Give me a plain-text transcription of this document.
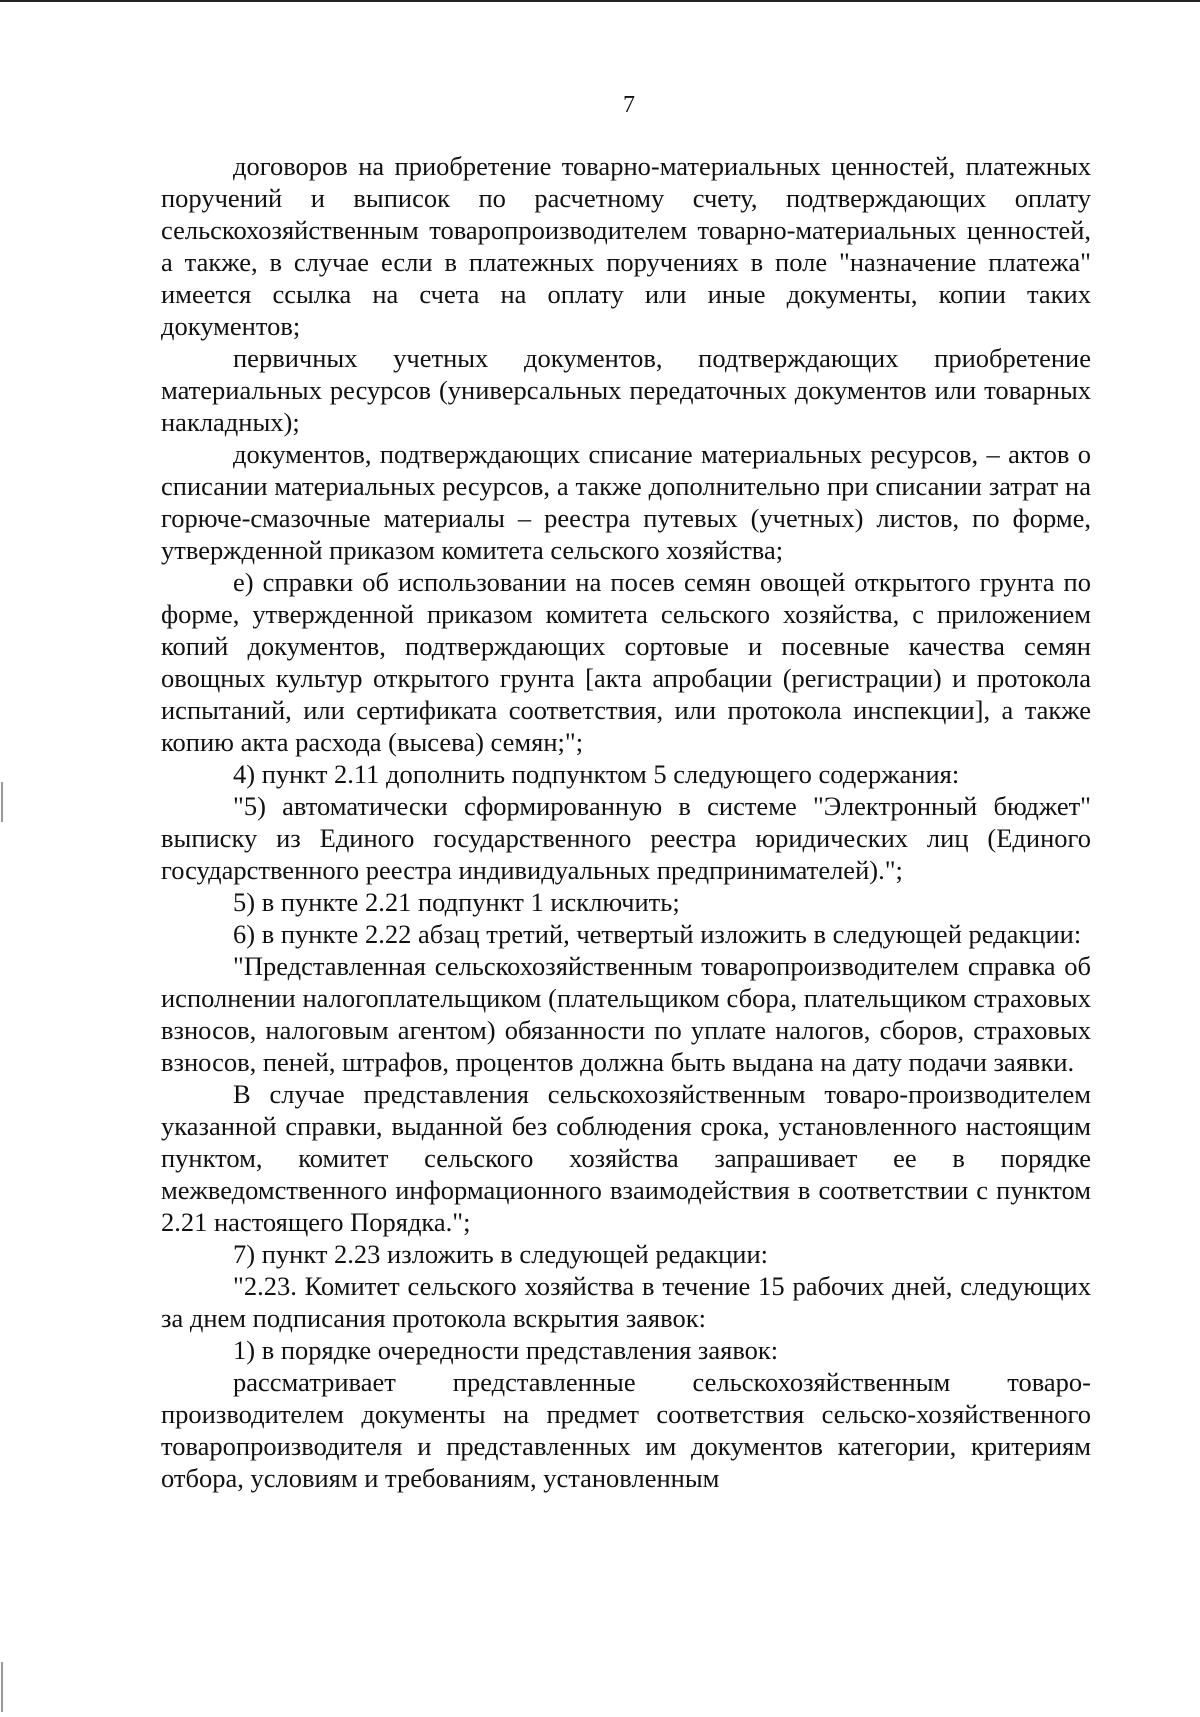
7

договоров на приобретение товарно-материальных ценностей, платежных поручений и выписок по расчетному счету, подтверждающих оплату сельскохозяйственным товаропроизводителем товарно-материальных ценностей, а также, в случае если в платежных поручениях в поле "назначение платежа" имеется ссылка на счета на оплату или иные документы, копии таких документов;

первичных учетных документов, подтверждающих приобретение материальных ресурсов (универсальных передаточных документов или товарных накладных);

документов, подтверждающих списание материальных ресурсов, – актов о списании материальных ресурсов, а также дополнительно при списании затрат на горюче-смазочные материалы – реестра путевых (учетных) листов, по форме, утвержденной приказом комитета сельского хозяйства;

е) справки об использовании на посев семян овощей открытого грунта по форме, утвержденной приказом комитета сельского хозяйства, с приложением копий документов, подтверждающих сортовые и посевные качества семян овощных культур открытого грунта [акта апробации (регистрации) и протокола испытаний, или сертификата соответствия, или протокола инспекции], а также копию акта расхода (высева) семян;";

4) пункт 2.11 дополнить подпунктом 5 следующего содержания:

"5) автоматически сформированную в системе "Электронный бюджет" выписку из Единого государственного реестра юридических лиц (Единого государственного реестра индивидуальных предпринимателей).";

5) в пункте 2.21 подпункт 1 исключить;

6) в пункте 2.22 абзац третий, четвертый изложить в следующей редакции:

"Представленная сельскохозяйственным товаропроизводителем справка об исполнении налогоплательщиком (плательщиком сбора, плательщиком страховых взносов, налоговым агентом) обязанности по уплате налогов, сборов, страховых взносов, пеней, штрафов, процентов должна быть выдана на дату подачи заявки.

В случае представления сельскохозяйственным товаро-производителем указанной справки, выданной без соблюдения срока, установленного настоящим пунктом, комитет сельского хозяйства запрашивает ее в порядке межведомственного информационного взаимодействия в соответствии с пунктом 2.21 настоящего Порядка.";

7) пункт 2.23 изложить в следующей редакции:

"2.23. Комитет сельского хозяйства в течение 15 рабочих дней, следующих за днем подписания протокола вскрытия заявок:

1) в порядке очередности представления заявок:

рассматривает представленные сельскохозяйственным товаро-производителем документы на предмет соответствия сельско-хозяйственного товаропроизводителя и представленных им документов категории, критериям отбора, условиям и требованиям, установленным
